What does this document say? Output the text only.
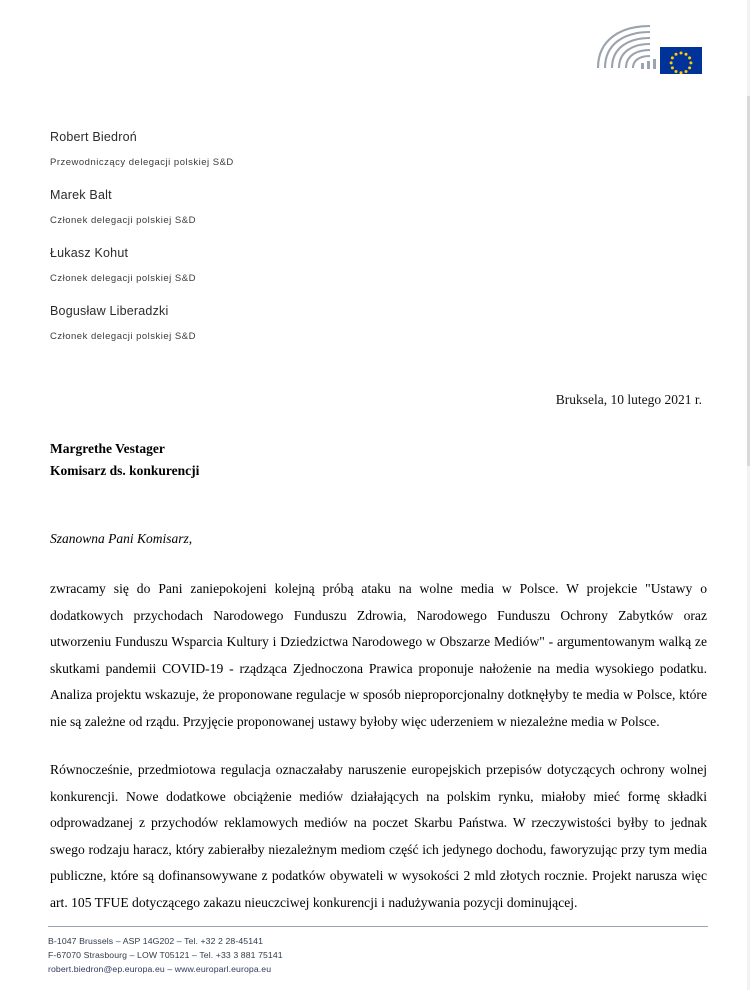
Robert Biedroń
Przewodniczący delegacji polskiej S&D
Marek Balt
Członek delegacji polskiej S&D
Łukasz Kohut
Członek delegacji polskiej S&D
Bogusław Liberadzki
Członek delegacji polskiej S&D
Bruksela, 10 lutego 2021 r.
Margrethe Vestager
Komisarz ds. konkurencji
Szanowna Pani Komisarz,

zwracamy się do Pani zaniepokojeni kolejną próbą ataku na wolne media w Polsce. W projekcie "Ustawy o dodatkowych przychodach Narodowego Funduszu Zdrowia, Narodowego Funduszu Ochrony Zabytków oraz utworzeniu Funduszu Wsparcia Kultury i Dziedzictwa Narodowego w Obszarze Mediów" - argumentowanym walką ze skutkami pandemii COVID-19 - rządząca Zjednoczona Prawica proponuje nałożenie na media wysokiego podatku. Analiza projektu wskazuje, że proponowane regulacje w sposób nieproporcjonalny dotknęłyby te media w Polsce, które nie są zależne od rządu. Przyjęcie proponowanej ustawy byłoby więc uderzeniem w niezależne media w Polsce.

Równocześnie, przedmiotowa regulacja oznaczałaby naruszenie europejskich przepisów dotyczących ochrony wolnej konkurencji. Nowe dodatkowe obciążenie mediów działających na polskim rynku, miałoby mieć formę składki odprowadzanej z przychodów reklamowych mediów na poczet Skarbu Państwa. W rzeczywistości byłby to jednak swego rodzaju haracz, który zabierałby niezależnym mediom część ich jedynego dochodu, faworyzując przy tym media publiczne, które są dofinansowywane z podatków obywateli w wysokości 2 mld złotych rocznie. Projekt narusza więc art. 105 TFUE dotyczącego zakazu nieuczciwej konkurencji i nadużywania pozycji dominującej.

B-1047 Brussels – ASP 14G202 – Tel. +32 2 28-45141
F-67070 Strasbourg – LOW T05121 – Tel. +33 3 881 75141
robert.biedron@ep.europa.eu – www.europarl.europa.eu
